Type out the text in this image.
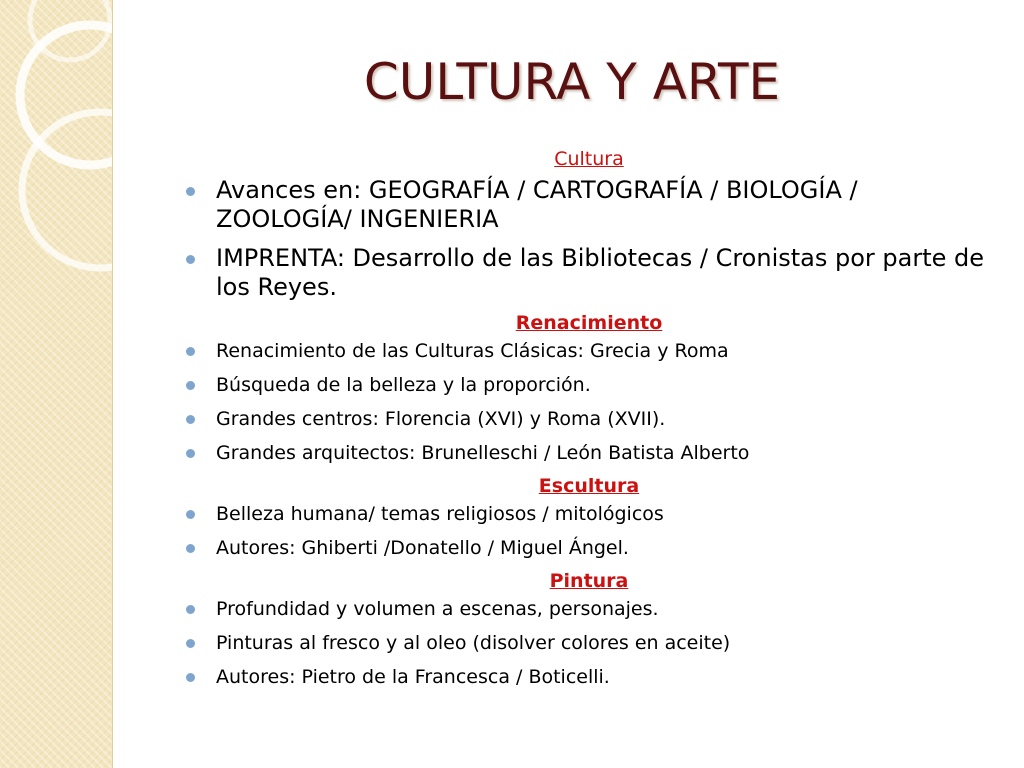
CULTURA Y ARTE

Cultura

Avances en: GEOGRAFÍA / CARTOGRAFÍA / BIOLOGÍA / ZOOLOGÍA/ INGENIERIA
IMPRENTA: Desarrollo de las Bibliotecas / Cronistas por parte de los Reyes.

Renacimiento

Renacimiento de las Culturas Clásicas: Grecia y Roma
Búsqueda de la belleza y la proporción.
Grandes centros: Florencia (XVI) y Roma (XVII).
Grandes arquitectos: Brunelleschi / León Batista Alberto

Escultura

Belleza humana/ temas religiosos / mitológicos
Autores: Ghiberti /Donatello / Miguel Ángel.

Pintura

Profundidad y volumen a escenas, personajes.
Pinturas al fresco y al oleo (disolver colores en aceite)
Autores: Pietro de la Francesca / Boticelli.
